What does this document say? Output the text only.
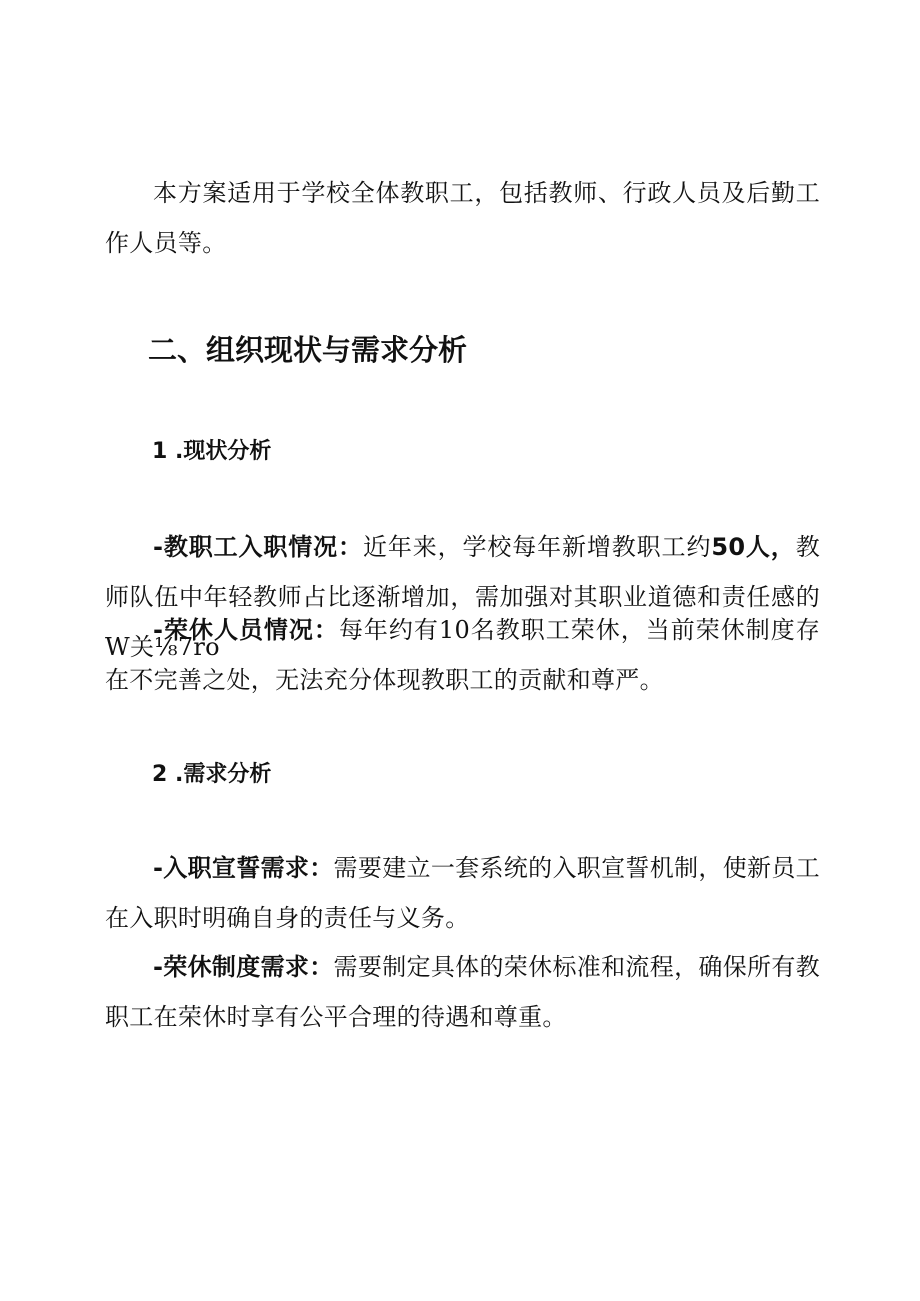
本方案适用于学校全体教职工，包括教师、行政人员及后勤工作人员等。

二、组织现状与需求分析
1 .现状分析

-教职工入职情况：近年来，学校每年新增教职工约50人，教师队伍中年轻教师占比逐渐增加，需加强对其职业道德和责任感的W关⅛7ro

-荣休人员情况：每年约有10名教职工荣休，当前荣休制度存在不完善之处，无法充分体现教职工的贡献和尊严。

2 .需求分析

-入职宣誓需求：需要建立一套系统的入职宣誓机制，使新员工在入职时明确自身的责任与义务。

-荣休制度需求：需要制定具体的荣休标准和流程，确保所有教职工在荣休时享有公平合理的待遇和尊重。
